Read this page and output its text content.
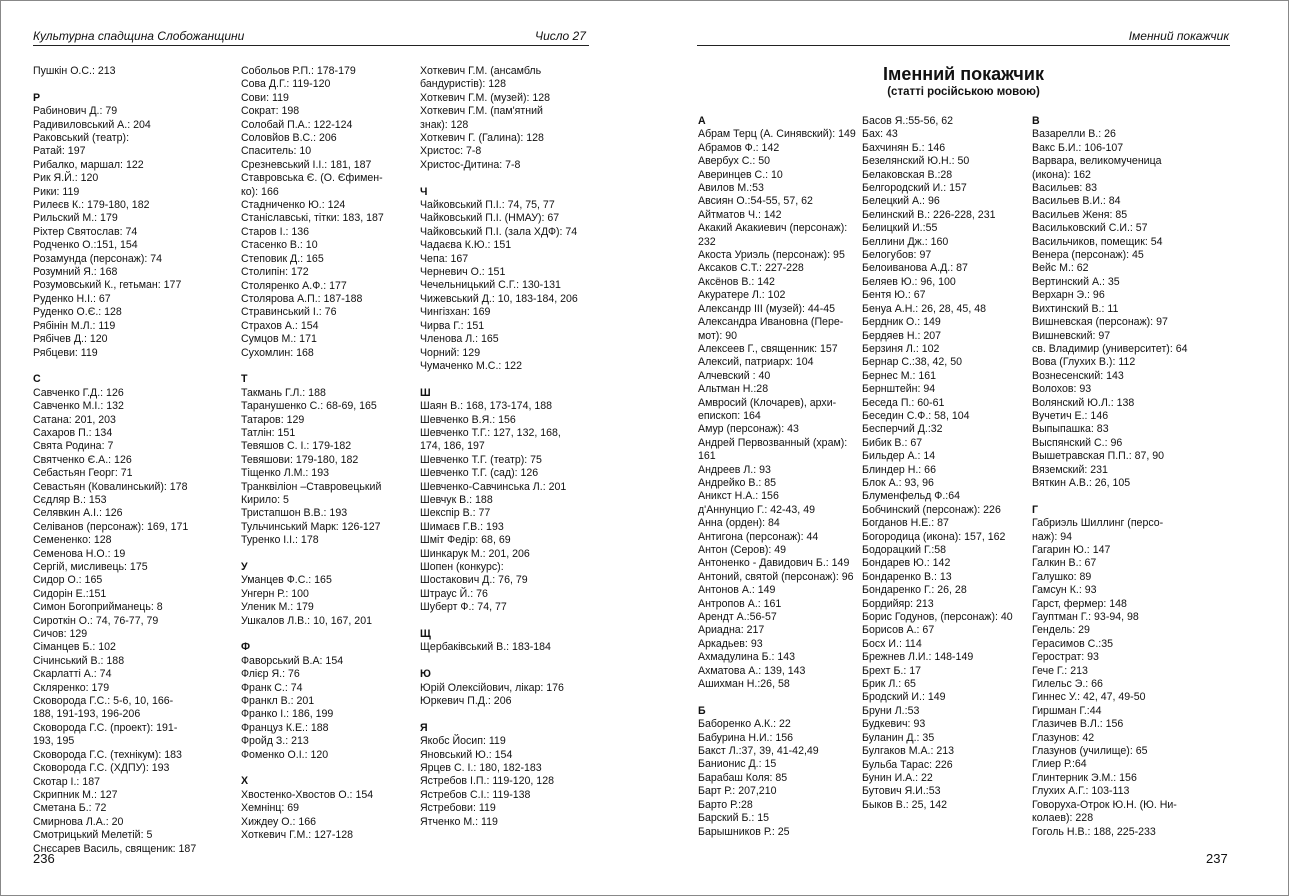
Культурна спадщина Слобожанщини	Число 27	Іменний покажчик
Іменний покажчик
(статті російською мовою)
Пушкін О.С.: 213
Р
Рабинович Д.: 79
Радивиловський А.: 204
Раковський (театр):
Ратай: 197
Рибалко, маршал: 122
Рик Я.Й.: 120
Рики: 119
Рилеєв К.: 179-180, 182
Рильский М.: 179
Ріхтер Святослав: 74
Родченко О.:151, 154
Розамунда (персонаж): 74
Розумний Я.: 168
Розумовський К., гетьман: 177
Руденко Н.І.: 67
Руденко О.Є.: 128
Рябінін М.Л.: 119
Рябічев Д.: 120
Рябцеви: 119
С
Савченко Г.Д.: 126
Савченко М.І.: 132
Сатана: 201, 203
Сахаров П.: 134
Свята Родина: 7
Святченко Є.А.: 126
Себастьян Георг: 71
Севастьян (Ковалинський): 178
Сєдляр В.: 153
Селявкин А.І.: 126
Селіванов (персонаж): 169, 171
Семененко: 128
Семенова Н.О.: 19
Сергій, мисливець: 175
Сидор О.: 165
Сидорін Е.:151
Симон Богоприйманець: 8
Сироткін О.: 74, 76-77, 79
Сичов: 129
Сіманцев Б.: 102
Січинський В.: 188
Скарлатті А.: 74
Скляренко: 179
Сковорода Г.С.: 5-6, 10, 166-
188, 191-193, 196-206
Сковорода Г.С. (проект): 191-
193, 195
Сковорода Г.С. (технікум): 183
Сковорода Г.С. (ХДПУ): 193
Скотар І.: 187
Скрипник М.: 127
Сметана Б.: 72
Смирнова Л.А.: 20
Смотрицький Мелетій: 5
Снєсарев Василь, священик: 187
Собольов Р.П.: 178-179
Сова Д.Г.: 119-120
Сови: 119
Сократ: 198
Солобай П.А.: 122-124
Соловйов В.С.: 206
Спаситель: 10
Срезневський І.І.: 181, 187
Ставровська Є. (О. Єфимен-
ко): 166
Стадниченко Ю.: 124
Станіславські, тітки: 183, 187
Старов І.: 136
Стасенко В.: 10
Степовик Д.: 165
Столипін: 172
Столяренко А.Ф.: 177
Столярова А.П.: 187-188
Стравинський І.: 76
Страхов А.: 154
Сумцов М.: 171
Сухомлин: 168
Т
Такмань Г.Л.: 188
Таранушенко С.: 68-69, 165
Татаров: 129
Татлін: 151
Тевяшов С. І.: 179-182
Тевяшови: 179-180, 182
Тіщенко Л.М.: 193
Транквіліон –Ставровецький
Кирило: 5
Тристапшон В.В.: 193
Тульчинський Марк: 126-127
Туренко І.І.: 178
У
Уманцев Ф.С.: 165
Унгерн Р.: 100
Уленик М.: 179
Ушкалов Л.В.: 10, 167, 201
Ф
Фаворський В.А: 154
Флієр Я.: 76
Франк С.: 74
Франкл В.: 201
Франко І.: 186, 199
Француз К.Е.: 188
Фройд З.: 213
Фоменко О.І.: 120
Х
Хвостенко-Хвостов О.: 154
Хемнінц: 69
Хиждеу О.: 166
Хоткевич Г.М.: 127-128
Хоткевич Г.М. (ансамбль
бандуристів): 128
Хоткевич Г.М. (музей): 128
Хоткевич Г.М. (пам'ятний
знак): 128
Хоткевич Г. (Галина): 128
Христос: 7-8
Христос-Дитина: 7-8
Ч
Чайковський П.І.: 74, 75, 77
Чайковський П.І. (НМАУ): 67
Чайковський П.І. (зала ХДФ): 74
Чадаєва К.Ю.: 151
Чепа: 167
Черневич О.: 151
Чечельницький С.Г.: 130-131
Чижевський Д.: 10, 183-184, 206
Чингізхан: 169
Чирва Г.: 151
Членова Л.: 165
Чорний: 129
Чумаченко М.С.: 122
Ш
Шаян В.: 168, 173-174, 188
Шевченко В.Я.: 156
Шевченко Т.Г.: 127, 132, 168,
174, 186, 197
Шевченко Т.Г. (театр): 75
Шевченко Т.Г. (сад): 126
Шевченко-Савчинська Л.: 201
Шевчук В.: 188
Шекспір В.: 77
Шимаєв Г.В.: 193
Шміт Федір: 68, 69
Шинкарук М.: 201, 206
Шопен (конкурс):
Шостакович Д.: 76, 79
Штраус Й.: 76
Шуберт Ф.: 74, 77
Щ
Щербаківський В.: 183-184
Ю
Юрій Олексійович, лікар: 176
Юркевич П.Д.: 206
Я
Якобс Йосип: 119
Яновський Ю.: 154
Ярцев С. І.: 180, 182-183
Ястребов І.П.: 119-120, 128
Ястребов С.І.: 119-138
Ястребови: 119
Ятченко М.: 119
А
Абрам Терц (А. Синявский): 149
Абрамов Ф.: 142
Авербух С.: 50
Аверинцев С.: 10
Авилов М.:53
Авсиян О.:54-55, 57, 62
Айтматов Ч.: 142
Акакий Акакиевич (персонаж):
232
Акоста Уриэль (персонаж): 95
Аксаков С.Т.: 227-228
Аксёнов В.: 142
Акуратере Л.: 102
Александр III (музей): 44-45
Александра Ивановна (Пере-
мот): 90
Алексеев Г., священник: 157
Алексий, патриарх: 104
Алчевский : 40
Альтман Н.:28
Амвросий (Клочарев), архи-
епископ: 164
Амур (персонаж): 43
Андрей Первозванный (храм):
161
Андреев Л.: 93
Андрейко В.: 85
Аникст Н.А.: 156
д'Аннунцио Г.: 42-43, 49
Анна (орден): 84
Антигона (персонаж): 44
Антон (Серов): 49
Антоненко - Давидович Б.: 149
Антоний, святой (персонаж): 96
Антонов А.: 149
Антропов А.: 161
Арендт А.:56-57
Ариадна: 217
Аркадьев: 93
Ахмадулина Б.: 143
Ахматова А.: 139, 143
Ашихман Н.:26, 58
Б
Баборенко А.К.: 22
Бабурина Н.И.: 156
Бакст Л.:37, 39, 41-42,49
Банионис Д.: 15
Барабаш Коля: 85
Барт Р.: 207,210
Барто Р.:28
Барский Б.: 15
Барышников Р.: 25
Басов Я.:55-56, 62
Бах: 43
Бахчинян Б.: 146
Безелянский Ю.Н.: 50
Белаковская В.:28
Белгородский И.: 157
Белецкий А.: 96
Белинский В.: 226-228, 231
Белицкий И.:55
Беллини Дж.: 160
Белогубов: 97
Белоиванова А.Д.: 87
Беляев Ю.: 96, 100
Бентя Ю.: 67
Бенуа А.Н.: 26, 28, 45, 48
Бердник О.: 149
Бердяев Н.: 207
Берзиня Л.: 102
Бернар С.:38, 42, 50
Бернес М.: 161
Бернштейн: 94
Беседа П.: 60-61
Беседин С.Ф.: 58, 104
Бесперчий Д.:32
Бибик В.: 67
Бильдер А.: 14
Блиндер Н.: 66
Блок А.: 93, 96
Блуменфельд Ф.:64
Бобчинский (персонаж): 226
Богданов Н.Е.: 87
Богородица (икона): 157, 162
Бодорацкий Г.:58
Бондарев Ю.: 142
Бондаренко В.: 13
Бондаренко Г.: 26, 28
Бордийяр: 213
Борис Годунов, (персонаж): 40
Борисов А.: 67
Босх И.: 114
Брежнев Л.И.: 148-149
Брехт Б.: 17
Брик Л.: 65
Бродский И.: 149
Бруни Л.:53
Будкевич: 93
Буланин Д.: 35
Булгаков М.А.: 213
Бульба Тарас: 226
Бунин И.А.: 22
Бутович Я.И.:53
Быков В.: 25, 142
В
Вазарелли В.: 26
Вакс Б.И.: 106-107
Варвара, великомученица
(икона): 162
Васильев: 83
Васильев В.И.: 84
Васильев Женя: 85
Васильковский С.И.: 57
Васильчиков, помещик: 54
Венера (персонаж): 45
Вейс М.: 62
Вертинский А.: 35
Верхарн Э.: 96
Вихтинский В.: 11
Вишневская (персонаж): 97
Вишневский: 97
св. Владимир (университет): 64
Вова (Глухих В.): 112
Вознесенский: 143
Волохов: 93
Волянский Ю.Л.: 138
Вучетич Е.: 146
Выпыпашка: 83
Выспянский С.: 96
Вышетравская П.П.: 87, 90
Вяземский: 231
Вяткин А.В.: 26, 105
Г
Габриэль Шиллинг (персо-
наж): 94
Гагарин Ю.: 147
Галкин В.: 67
Галушко: 89
Гамсун К.: 93
Гарст, фермер: 148
Гауптман Г.: 93-94, 98
Гендель: 29
Герасимов С.:35
Герострат: 93
Гече Г.: 213
Гилельс Э.: 66
Гиннес У.: 42, 47, 49-50
Гиршман Г.:44
Глазичев В.Л.: 156
Глазунов: 42
Глазунов (училище): 65
Глиер Р.:64
Глинтерник Э.М.: 156
Глухих А.Г.: 103-113
Говоруха-Отрок Ю.Н. (Ю. Ни-
колаев): 228
Гоголь Н.В.: 188, 225-233
236	237
